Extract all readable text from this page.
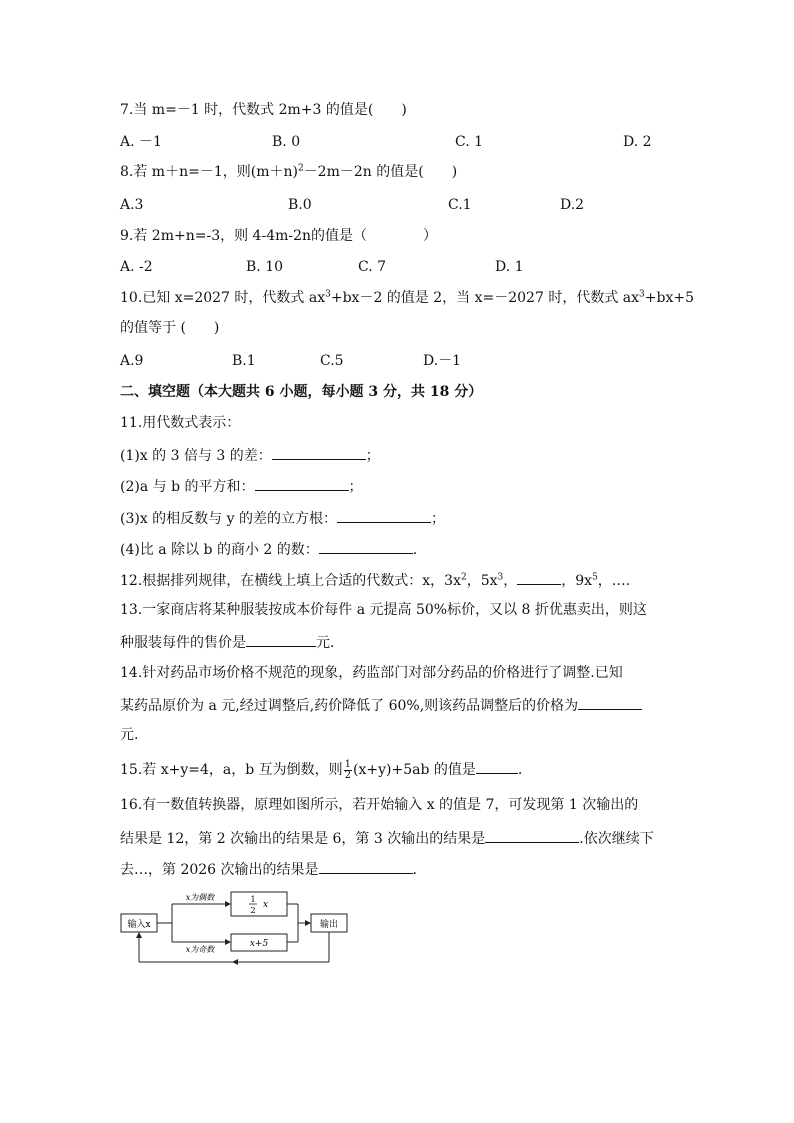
7.当 m=－1 时，代数式 2m+3 的值是(　　)
A. －1	B. 0	C. 1	D. 2
8.若 m＋n=－1，则$(m+n)^2-2m-2n$ 的值是(　　)
A.3	B.0	C.1	D.2
9.若 2m+n=-3，则 4-4m-2n的值是（　　　　）
A. -2	B. 10	C. 7	D. 1
10.已知 x=2027 时，代数式 $ax^3+bx-2$ 的值是 2，当 x=－2027 时，代数式 $ax^3+bx+5$
的值等于 (　　)
A.9	B.1	C.5	D.－1
二、填空题（本大题共 6 小题，每小题 3 分，共 18 分）
11.用代数式表示：
(1)x 的 3 倍与 3 的差：	；
(2)a 与 b 的平方和：	；
(3)x 的相反数与 y 的差的立方根：	；
(4)比 a 除以 b 的商小 2 的数：	.
12.根据排列规律，在横线上填上合适的代数式：x，$3x^2$，$5x^3$，	，$9x^5$，….
13.一家商店将某种服装按成本价每件 a 元提高 50%标价，又以 8 折优惠卖出，则这
种服装每件的售价是	元.
14.针对药品市场价格不规范的现象，药监部门对部分药品的价格进行了调整.已知
某药品原价为 a 元,经过调整后,药价降低了 60%,则该药品调整后的价格为
元.
15.若 x+y=4，a，b 互为倒数，则 $\frac{1}{2} (x+y)+5ab$ 的值是	.
16.有一数值转换器，原理如图所示，若开始输入 x 的值是 7，可发现第 1 次输出的
结果是 12，第 2 次输出的结果是 6，第 3 次输出的结果是	.依次继续下
去…，第 2026 次输出的结果是	.
输入x
x为偶数
x为奇数
1
2
x
x+5
输出
